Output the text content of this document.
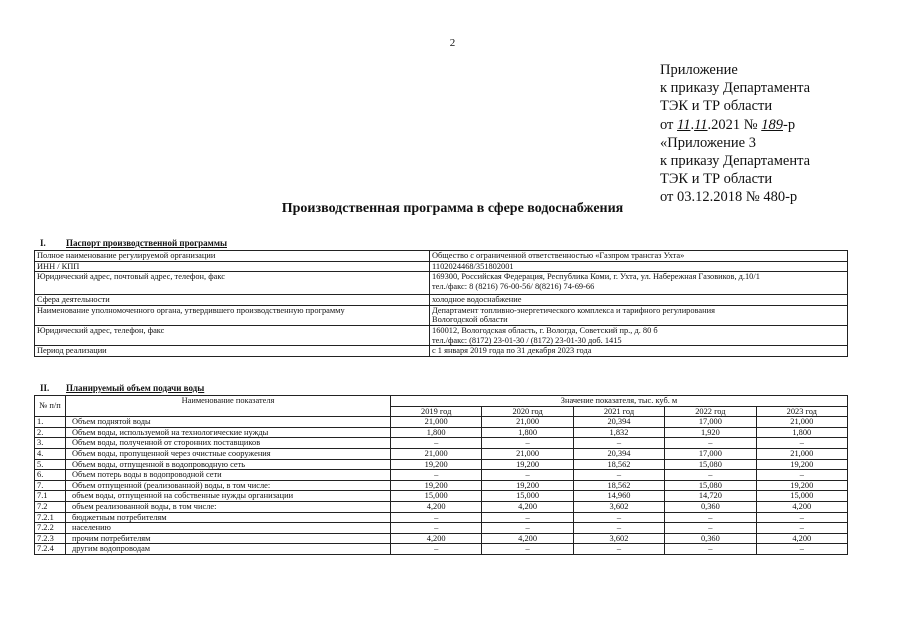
2
Приложение
к приказу Департамента
ТЭК и ТР области
от 11.11.2021 № 189-р
«Приложение 3
к приказу Департамента
ТЭК и ТР области
от 03.12.2018 № 480-р
Производственная программа в сфере водоснабжения
I. Паспорт производственной программы
Полное наименование регулируемой организации	Общество с ограниченной ответственностью «Газпром трансгаз Ухта»
ИНН / КПП	1102024468/351802001
Юридический адрес, почтовый адрес, телефон, факс	169300, Российская Федерация, Республика Коми, г. Ухта, ул. Набережная Газовиков, д.10/1
тел./факс: 8 (8216) 76-00-56/ 8(8216) 74-69-66

Сфера деятельности	холодное водоснабжение
Наименование уполномоченного органа, утвердившего производственную программу	Департамент топливно-энергетического комплекса и тарифного регулирования
Вологодской области

Юридический адрес, телефон, факс	160012, Вологодская область, г. Вологда, Советский пр., д. 80 б
тел./факс: (8172) 23-01-30 / (8172) 23-01-30 доб. 1415

Период реализации	с 1 января 2019 года по 31 декабря 2023 года
II. Планируемый объем подачи воды
№ п/п	Наименование показателя	Значение показателя, тыс. куб. м				
		2019 год	2020 год	2021 год	2022 год	2023 год
1.	Объем поднятой воды	21,000	21,000	20,394	17,000	21,000
2.	Объем воды, используемой на технологические нужды	1,800	1,800	1,832	1,920	1,800
3.	Объем воды, полученной от сторонних поставщиков	–	–	–	–	–
4.	Объем воды, пропущенной через очистные сооружения	21,000	21,000	20,394	17,000	21,000
5.	Объем воды, отпущенной в водопроводную сеть	19,200	19,200	18,562	15,080	19,200
6.	Объем потерь воды в водопроводной сети	–	–	–	–	–
7.	Объем отпущенной (реализованной) воды, в том числе:	19,200	19,200	18,562	15,080	19,200
7.1	объем воды, отпущенной на собственные нужды организации	15,000	15,000	14,960	14,720	15,000
7.2	объем реализованной воды, в том числе:	4,200	4,200	3,602	0,360	4,200
7.2.1	бюджетным потребителям	–	–	–	–	–
7.2.2	населению	–	–	–	–	–
7.2.3	прочим потребителям	4,200	4,200	3,602	0,360	4,200
7.2.4	другим водопроводам	–	–	–	–	–
